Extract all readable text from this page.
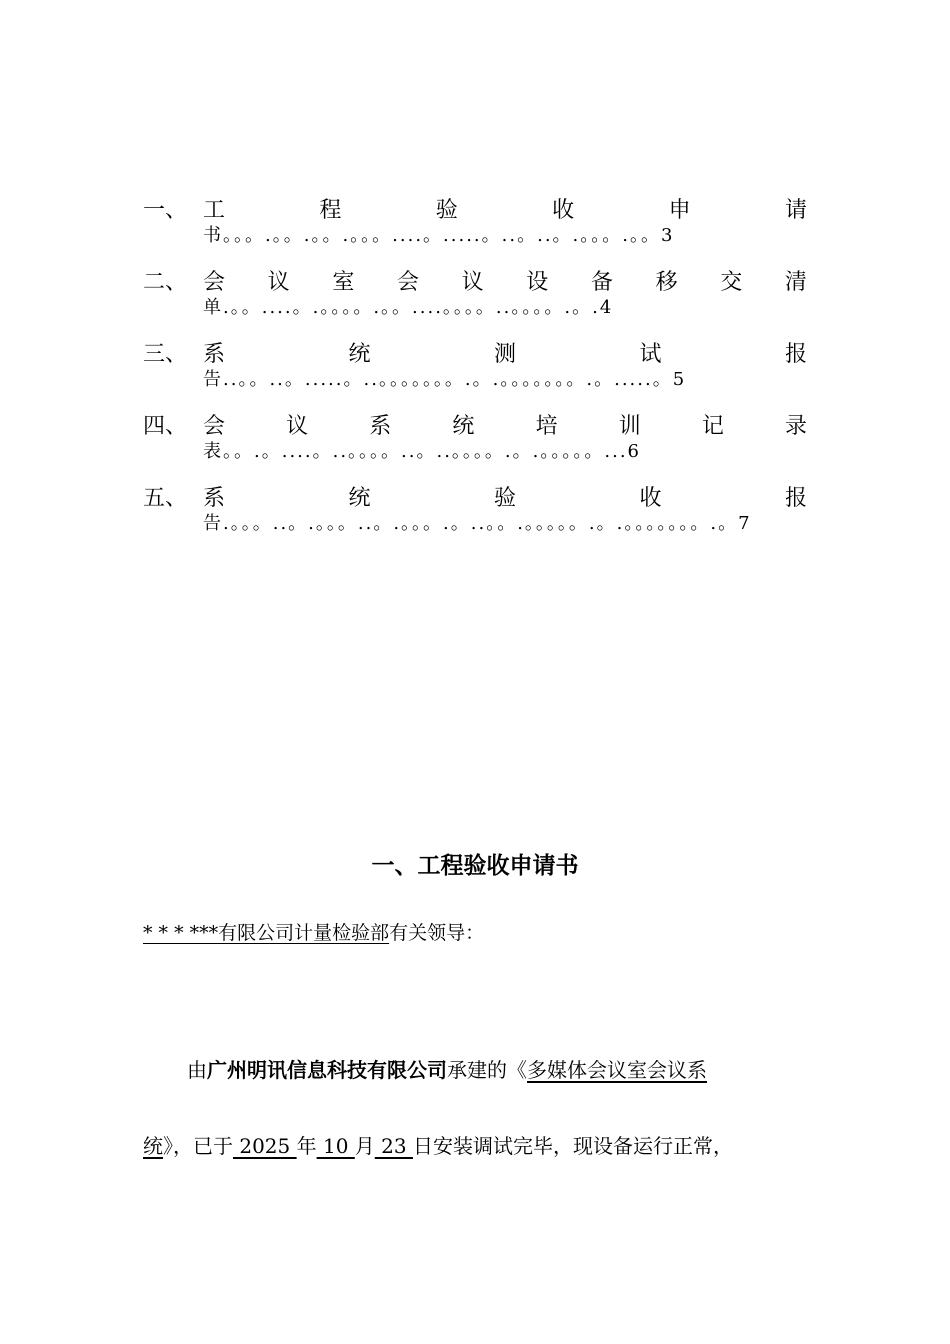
一、 工	程	验	收	申	请
书。。。.。。.。。.。。。....。.....。..。..。.。。。.。。3
二、 会 议 室 会 议 设 备 移 交 清
单.。。....。.。。。。.。。....。。。。..。。。。.。.4
三、 系	统	测	试	报
告..。。..。.....。..。。。。。。。.。.。。。。。。。.。.....。5
四、 会	议	系	统	培	训	记	录
表。。.。....。..。。。。..。..。。。。.。.。。。。。...6
五、 系	统	验	收	报
告.。。。..。.。。。..。.。。。.。..。。.。。。。。.。.。。。。。。。.。7
一、工程验收申请书
* * * ***有限公司计量检验部有关领导：
由广州明讯信息科技有限公司承建的《多媒体会议室会议系
统》，已于 2025 年 10 月 23 日安装调试完毕，现设备运行正常，
